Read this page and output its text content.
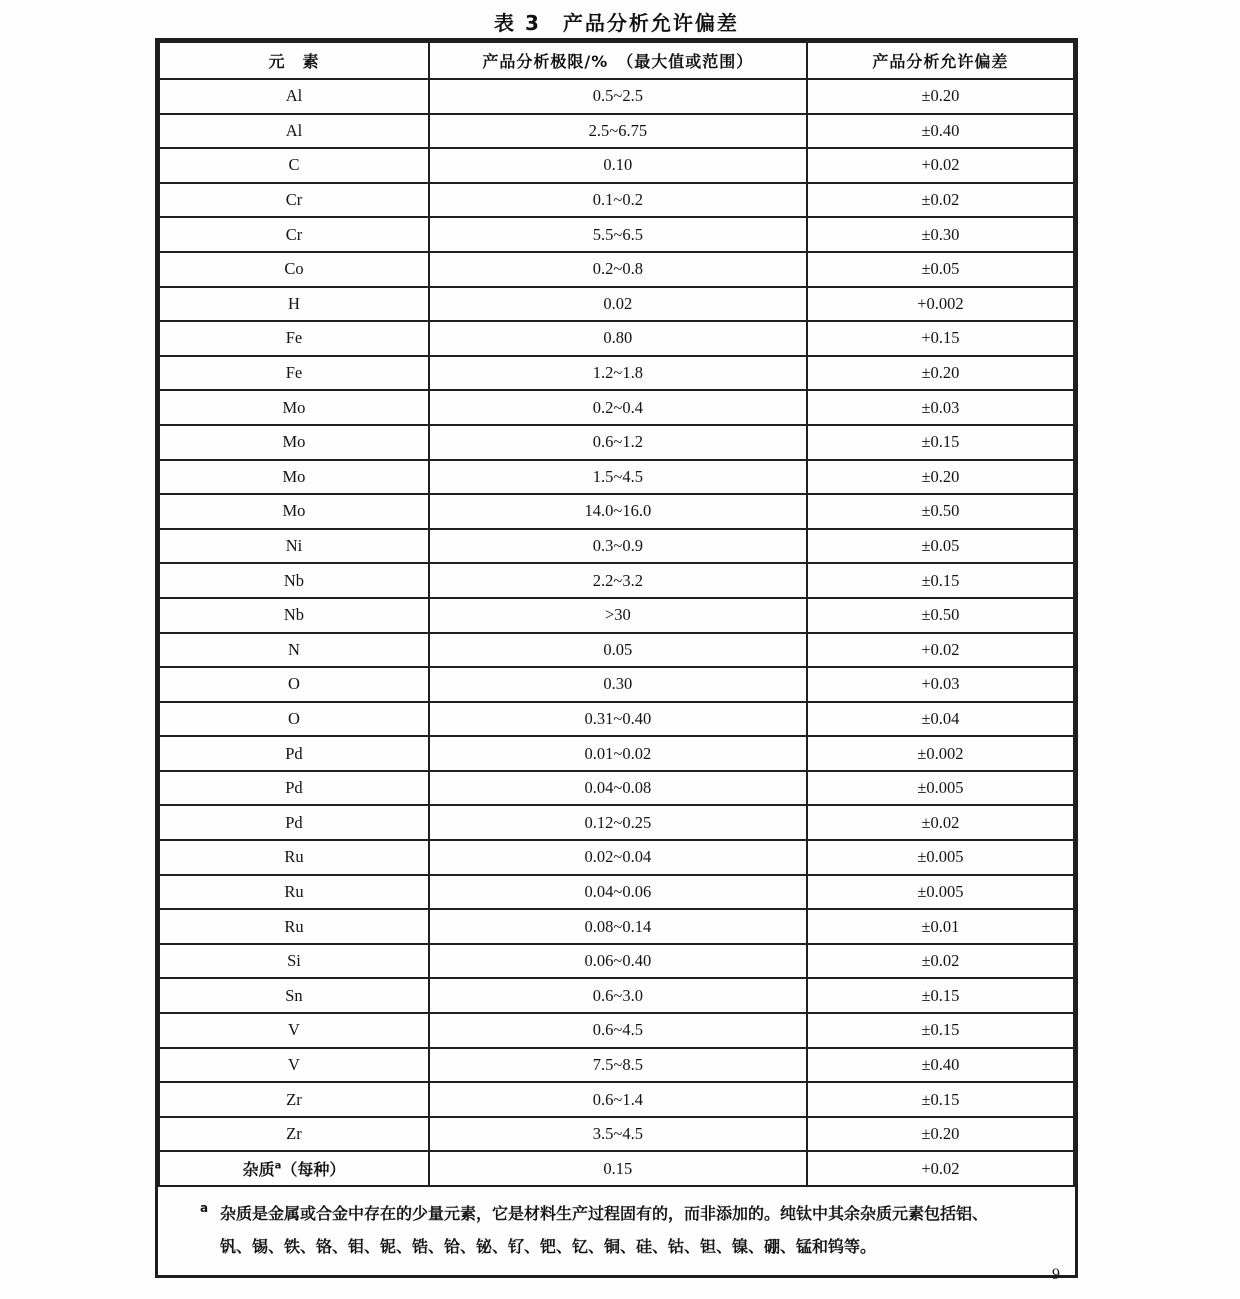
表 3　产品分析允许偏差
元　素	产品分析极限/%　（最大值或范围）	产品分析允许偏差
Al	0.5~2.5	±0.20
Al	2.5~6.75	±0.40
C	0.10	+0.02
Cr	0.1~0.2	±0.02
Cr	5.5~6.5	±0.30
Co	0.2~0.8	±0.05
H	0.02	+0.002
Fe	0.80	+0.15
Fe	1.2~1.8	±0.20
Mo	0.2~0.4	±0.03
Mo	0.6~1.2	±0.15
Mo	1.5~4.5	±0.20
Mo	14.0~16.0	±0.50
Ni	0.3~0.9	±0.05
Nb	2.2~3.2	±0.15
Nb	>30	±0.50
N	0.05	+0.02
O	0.30	+0.03
O	0.31~0.40	±0.04
Pd	0.01~0.02	±0.002
Pd	0.04~0.08	±0.005
Pd	0.12~0.25	±0.02
Ru	0.02~0.04	±0.005
Ru	0.04~0.06	±0.005
Ru	0.08~0.14	±0.01
Si	0.06~0.40	±0.02
Sn	0.6~3.0	±0.15
V	0.6~4.5	±0.15
V	7.5~8.5	±0.40
Zr	0.6~1.4	±0.15
Zr	3.5~4.5	±0.20
杂质$^a$（每种）	0.15	+0.02
a 杂质是金属或合金中存在的少量元素，它是材料生产过程固有的，而非添加的。纯钛中其余杂质元素包括铝、
钒、锡、铁、铬、钼、铌、锆、铪、铋、钌、钯、钇、铜、硅、钴、钽、镍、硼、锰和钨等。
9
